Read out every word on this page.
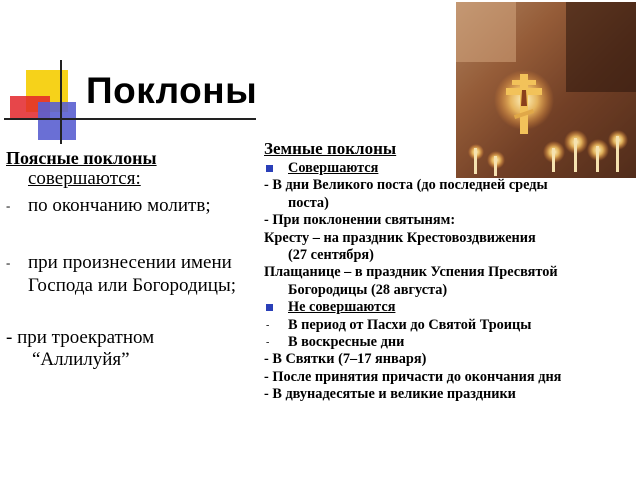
Поклоны
Поясные поклоны
совершаются:
- по окончанию молитв;
- при произнесении имени Господа или Богородицы;
- при троекратном
“Аллилуйя”
Земные поклоны
Совершаются
- В дни Великого поста (до последней среды
поста)
- При поклонении святыням:
Кресту – на праздник Крестовоздвижения
(27 сентября)
Плащанице – в праздник Успения Пресвятой
Богородицы (28 августа)
Не совершаются
- В период от Пасхи до Святой Троицы
- В воскресные дни
- В Святки (7–17 января)
- После принятия причасти до окончания дня
- В двунадесятые и великие праздники
